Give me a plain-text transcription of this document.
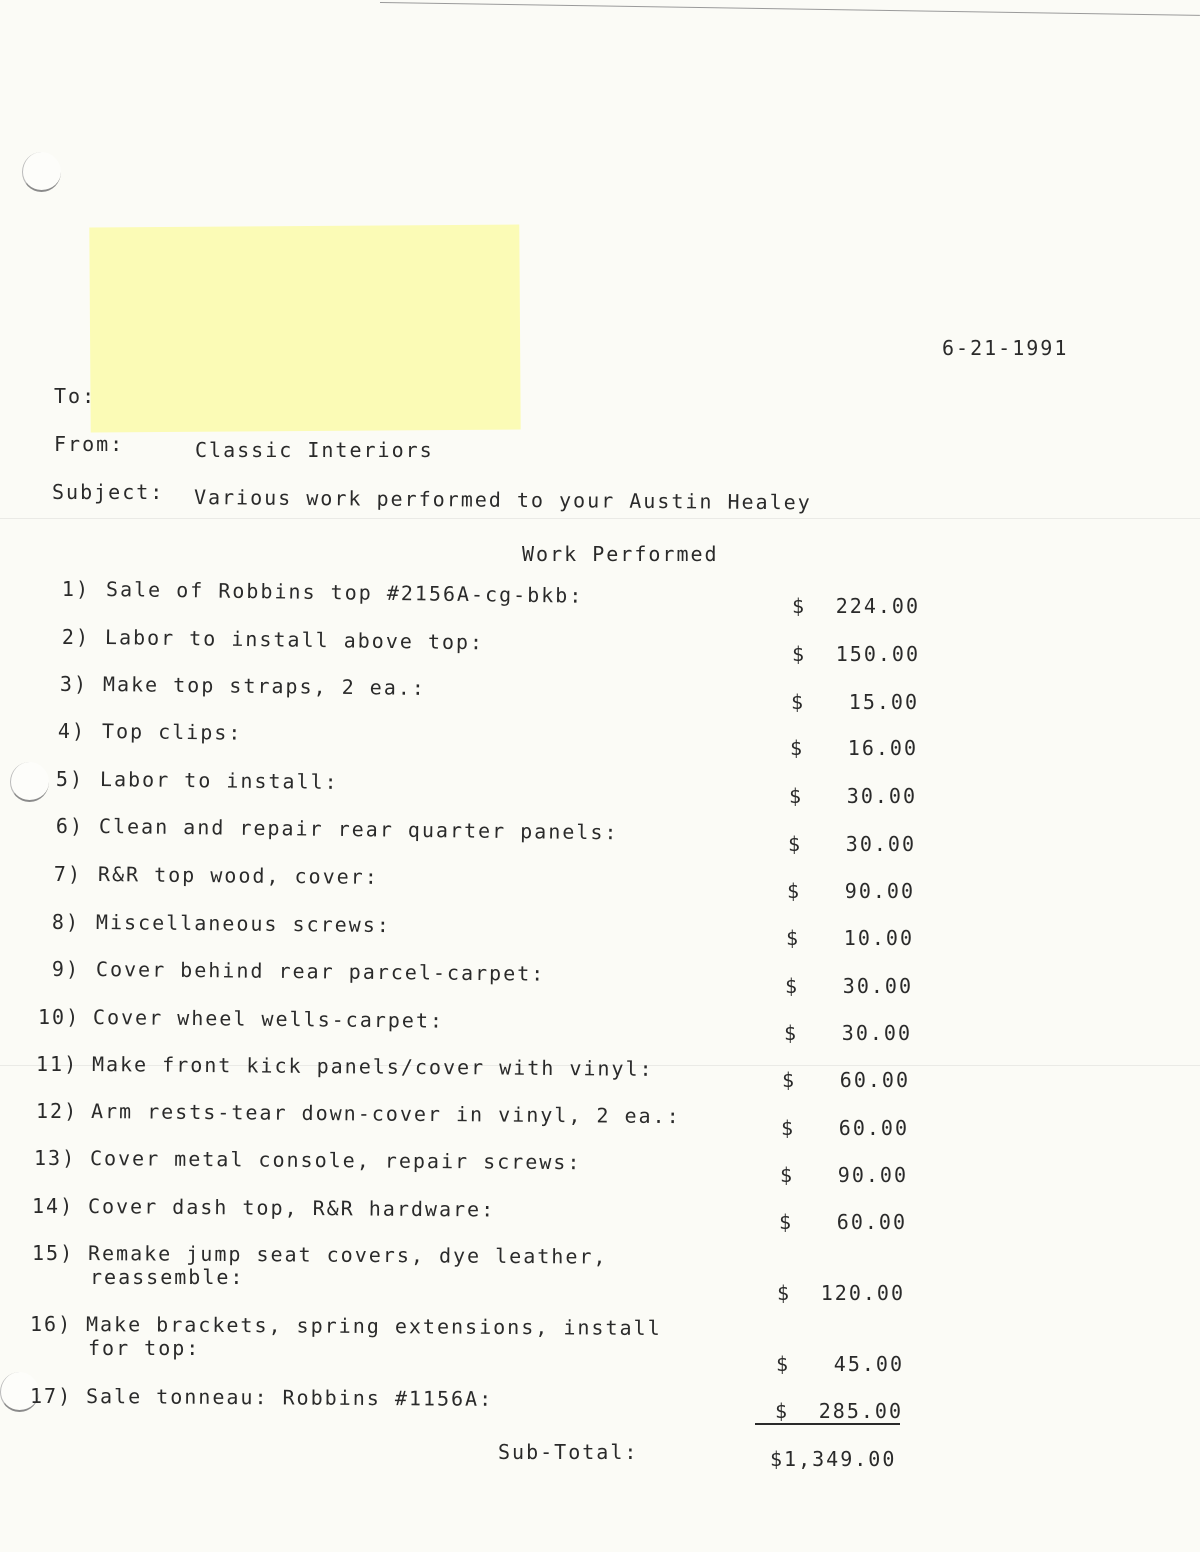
6-21-1991
To:
From:	Classic Interiors
Subject: Various work performed to your Austin Healey
Work Performed
1) Sale of Robbins top #2156A-cg-bkb:	$ 224.00
2) Labor to install above top:	$ 150.00
3) Make top straps, 2 ea.:
$ 15.00
4) Top clips:
$ 16.00
5) Labor to install:
$ 30.00
6) Clean and repair rear quarter panels:	$ 30.00
7) R&R top wood, cover:
$ 90.00
8) Miscellaneous screws:
$ 10.00
9) Cover behind rear parcel-carpet:
$ 30.00
10) Cover wheel wells-carpet:
$ 30.00
11) Make front kick panels/cover with vinyl:	$ 60.00
12) Arm rests-tear down-cover in vinyl, 2 ea.:	$ 60.00
13) Cover metal console, repair screws:
$ 90.00
14) Cover dash top, R&R hardware:
$ 60.00
15) Remake jump seat covers, dye leather,
reassemble:
$ 120.00
16) Make brackets, spring extensions, install
for top:
$ 45.00
17) Sale tonneau: Robbins #1156A:
$ 285.00
Sub-Total:	$1,349.00
